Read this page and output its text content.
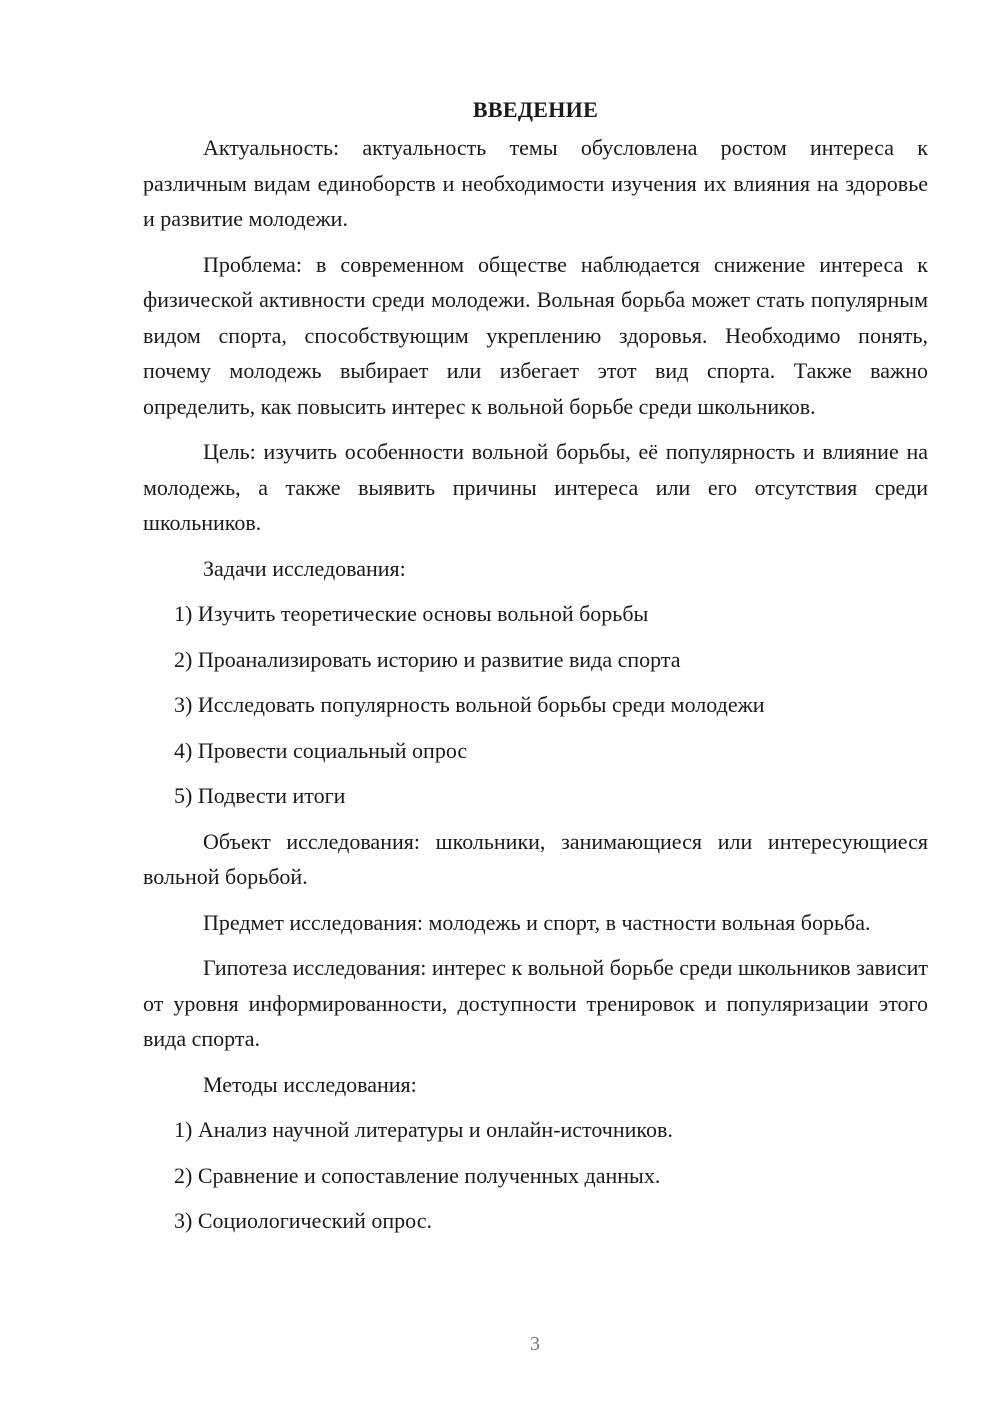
ВВЕДЕНИЕ

Актуальность: актуальность темы обусловлена ростом интереса к различным видам единоборств и необходимости изучения их влияния на здоровье и развитие молодежи.

Проблема: в современном обществе наблюдается снижение интереса к физической активности среди молодежи. Вольная борьба может стать популярным видом спорта, способствующим укреплению здоровья. Необходимо понять, почему молодежь выбирает или избегает этот вид спорта. Также важно определить, как повысить интерес к вольной борьбе среди школьников.

Цель: изучить особенности вольной борьбы, её популярность и влияние на молодежь, а также выявить причины интереса или его отсутствия среди школьников.

Задачи исследования:

1) Изучить теоретические основы вольной борьбы

2) Проанализировать историю и развитие вида спорта

3) Исследовать популярность вольной борьбы среди молодежи

4) Провести социальный опрос

5) Подвести итоги

Объект исследования: школьники, занимающиеся или интересующиеся вольной борьбой.

Предмет исследования: молодежь и спорт, в частности вольная борьба.

Гипотеза исследования: интерес к вольной борьбе среди школьников зависит от уровня информированности, доступности тренировок и популяризации этого вида спорта.

Методы исследования:

1) Анализ научной литературы и онлайн-источников.

2) Сравнение и сопоставление полученных данных.

3) Социологический опрос.

3
